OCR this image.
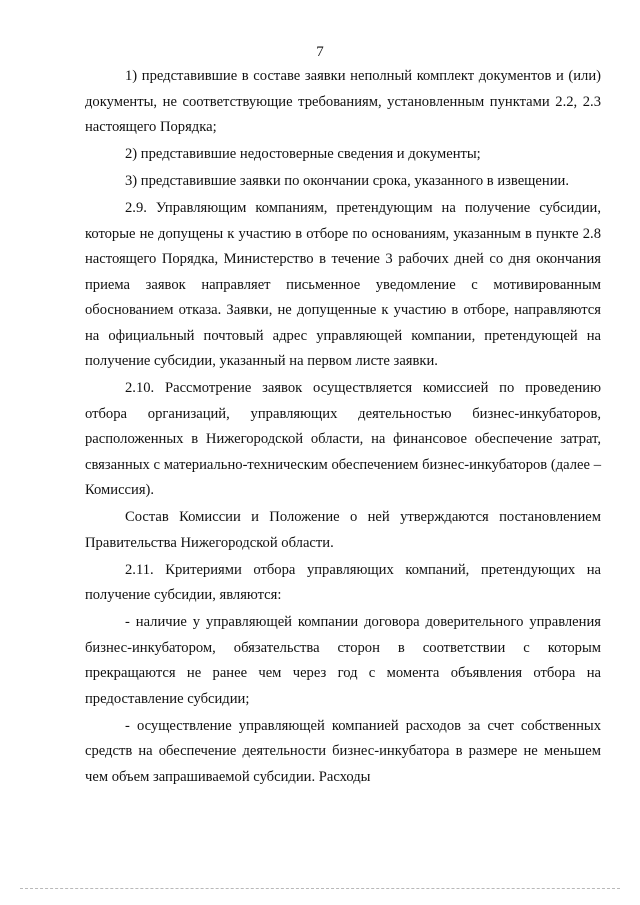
7

1) представившие в составе заявки неполный комплект документов и (или) документы, не соответствующие требованиям, установленным пунктами 2.2, 2.3 настоящего Порядка;

2) представившие недостоверные сведения и документы;

3) представившие заявки по окончании срока, указанного в извещении.

2.9. Управляющим компаниям, претендующим на получение субсидии, которые не допущены к участию в отборе по основаниям, указанным в пункте 2.8 настоящего Порядка, Министерство в течение 3 рабочих дней со дня окончания приема заявок направляет письменное уведомление с мотивированным обоснованием отказа. Заявки, не допущенные к участию в отборе, направляются на официальный почтовый адрес управляющей компании, претендующей на получение субсидии, указанный на первом листе заявки.

2.10. Рассмотрение заявок осуществляется комиссией по проведению отбора организаций, управляющих деятельностью бизнес-инкубаторов, расположенных в Нижегородской области, на финансовое обеспечение затрат, связанных с материально-техническим обеспечением бизнес-инкубаторов (далее – Комиссия).

Состав Комиссии и Положение о ней утверждаются постановлением Правительства Нижегородской области.

2.11. Критериями отбора управляющих компаний, претендующих на получение субсидии, являются:

- наличие у управляющей компании договора доверительного управления бизнес-инкубатором, обязательства сторон в соответствии с которым прекращаются не ранее чем через год с момента объявления отбора на предоставление субсидии;

- осуществление управляющей компанией расходов за счет собственных средств на обеспечение деятельности бизнес-инкубатора в размере не меньшем чем объем запрашиваемой субсидии. Расходы
